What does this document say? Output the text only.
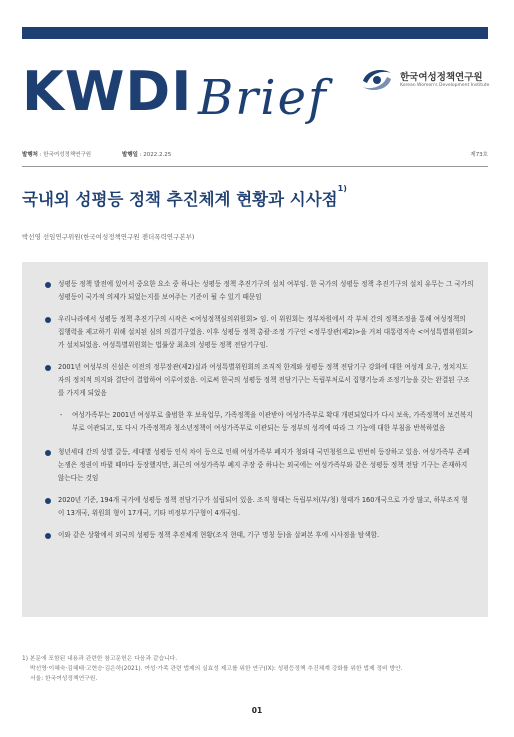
KWDI Brief	한국여성정책연구원
Korean Women's Development Institute
발행처 : 한국여성정책연구원	발행일 : 2022.2.25	제73호
국내외 성평등 정책 추진체계 현황과 시사점$^{1)}$
박선영 선임연구위원(한국여성정책연구원 젠더폭력연구본부)
성평등 정책 발전에 있어서 중요한 요소 중 하나는 성평등 정책 추진기구의 설치 여부임. 한 국가의 성평등 정책 추진기구의 설치 유무는 그 국가의 성평등이 국가적 의제가 되었는지를 보여주는 기준이 될 수 있기 때문임
우리나라에서 성평등 정책 추진기구의 시작은 <여성정책심의위원회> 임. 이 위원회는 정부차원에서 각 부처 간의 정책조정을 통해 여성정책의 집행력을 제고하기 위해 설치된 심의 의결기구였음. 이후 성평등 정책 총괄·조정 기구인 <정무장관(제2)>을 거쳐 대통령직속 <여성특별위원회>가 설치되었음. 여성특별위원회는 법률상 최초의 성평등 정책 전담기구임.
2001년 여성부의 신설은 이전의 정무장관(제2)실과 여성특별위원회의 조직적 한계와 성평등 정책 전담기구 강화에 대한 여성계 요구, 정치지도자의 정치적 의지와 결단이 결합하여 이루어졌음. 이로써 한국의 성평등 정책 전담기구는 독립부처로서 집행기능과 조정기능을 갖는 완결된 구조를 가지게 되었음
- 여성가족부는 2001년 여성부로 출범한 후 보육업무, 가족정책을 이관받아 여성가족부로 확대 개편되었다가 다시 보육, 가족정책이 보건복지부로 이관되고, 또 다시 가족정책과 청소년정책이 여성가족부로 이관되는 등 정부의 성격에 따라 그 기능에 대한 부침을 반복하였음
청년세대 간의 성별 갈등, 세대별 성평등 인식 차이 등으로 인해 여성가족부 폐지가 청와대 국민청원으로 빈번히 등장하고 있음. 여성가족부 존폐 논쟁은 정권이 바뀔 때마다 등장했지만, 최근의 여성가족부 폐지 주장 중 하나는 외국에는 여성가족부와 같은 성평등 정책 전담 기구는 존재하지 않는다는 것임
2020년 기준, 194개 국가에 성평등 정책 전담기구가 설립되어 있음. 조직 형태는 독립부처(부/청) 형태가 160개국으로 가장 많고, 하부조직 형이 13개국, 위원회 형이 17개국, 기타 비정부기구형이 4개국임.
이와 같은 상황에서 외국의 성평등 정책 추진체계 현황(조직 현태, 기구 명칭 등)을 살펴본 후에 시사점을 탐색함.
1) 본문에 포함된 내용과 관련한 참고문헌은 다음과 같습니다.
박선영·이혜숙·김혜태·고현승·김은하(2021). 여성·가족 관련 법제의 실효성 제고를 위한 연구(IX): 성평등정책 추진체계 강화를 위한 법제 정비 방안.
서울: 한국여성정책연구원.
01
